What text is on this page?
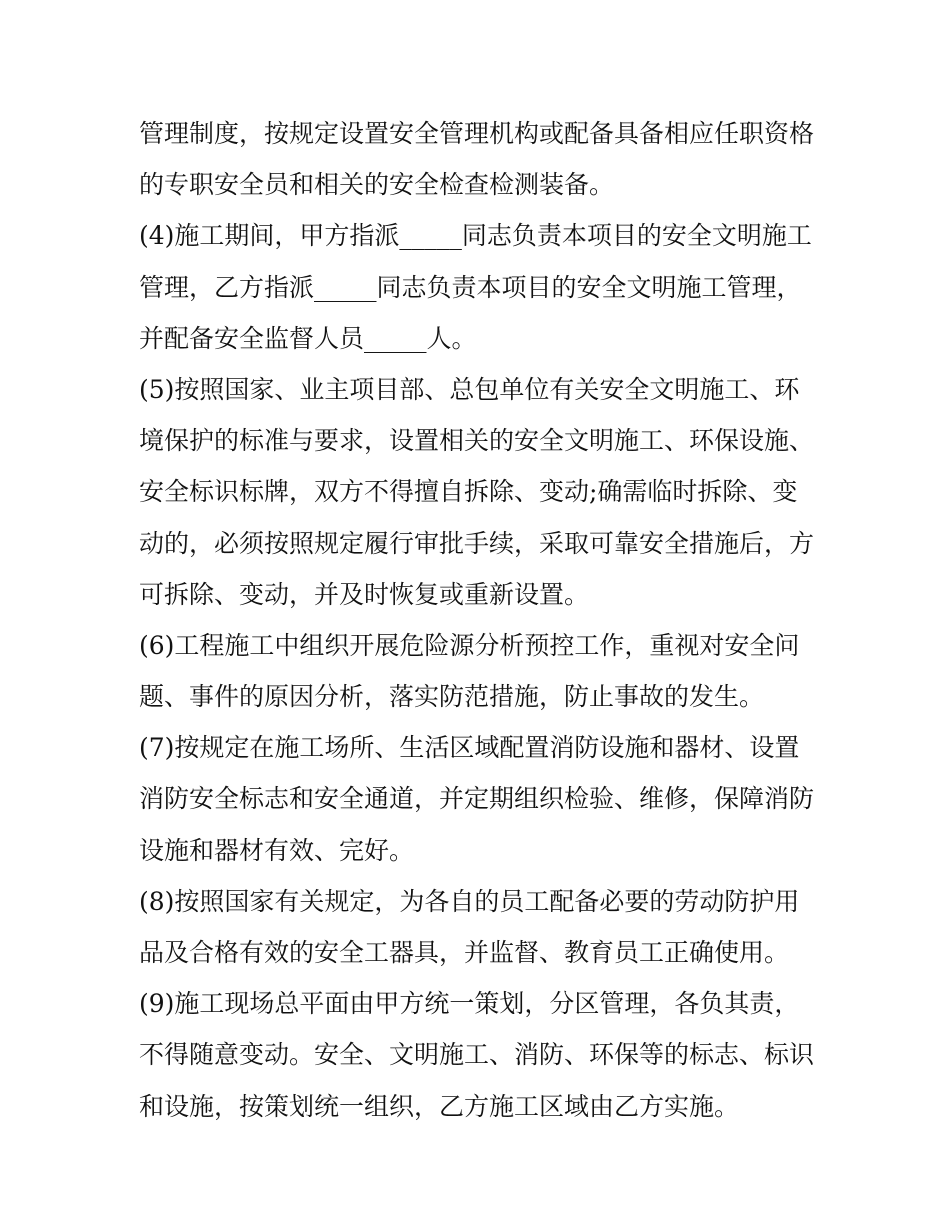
管理制度，按规定设置安全管理机构或配备具备相应任职资格
的专职安全员和相关的安全检查检测装备。
(4)施工期间，甲方指派_____同志负责本项目的安全文明施工
管理，乙方指派_____同志负责本项目的安全文明施工管理，
并配备安全监督人员_____人。
(5)按照国家、业主项目部、总包单位有关安全文明施工、环
境保护的标准与要求，设置相关的安全文明施工、环保设施、
安全标识标牌，双方不得擅自拆除、变动;确需临时拆除、变
动的，必须按照规定履行审批手续，采取可靠安全措施后，方
可拆除、变动，并及时恢复或重新设置。
(6)工程施工中组织开展危险源分析预控工作，重视对安全问
题、事件的原因分析，落实防范措施，防止事故的发生。
(7)按规定在施工场所、生活区域配置消防设施和器材、设置
消防安全标志和安全通道，并定期组织检验、维修，保障消防
设施和器材有效、完好。
(8)按照国家有关规定，为各自的员工配备必要的劳动防护用
品及合格有效的安全工器具，并监督、教育员工正确使用。
(9)施工现场总平面由甲方统一策划，分区管理，各负其责，
不得随意变动。安全、文明施工、消防、环保等的标志、标识
和设施，按策划统一组织，乙方施工区域由乙方实施。
